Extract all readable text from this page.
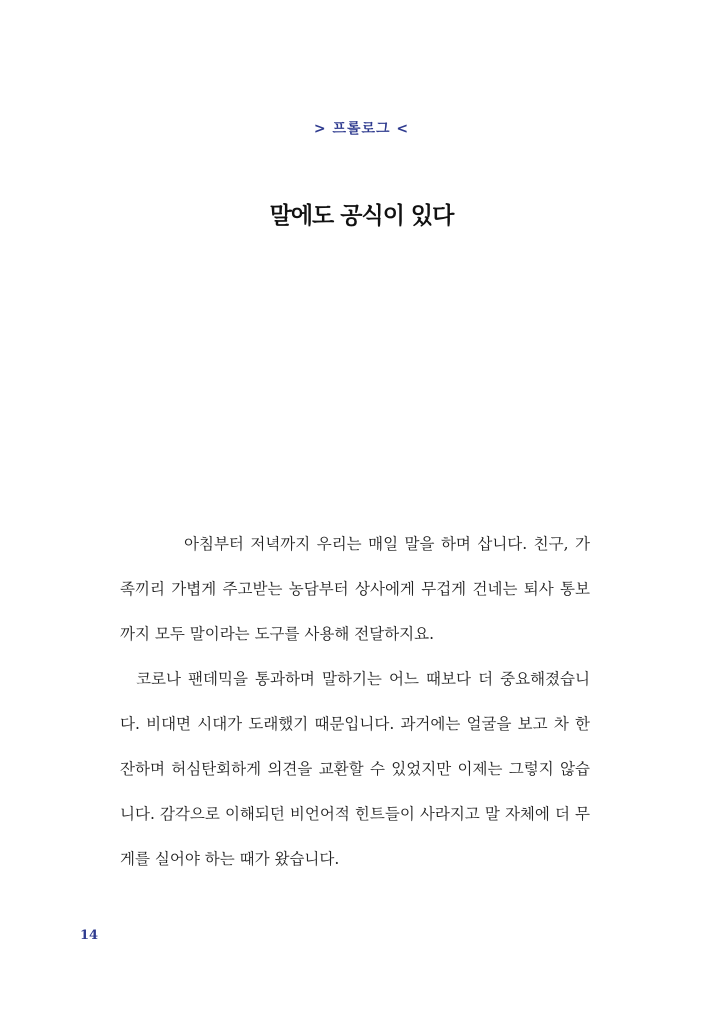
> 프롤로그 <
말에도 공식이 있다

아침부터 저녁까지 우리는 매일 말을 하며 삽니다. 친구, 가족끼리 가볍게 주고받는 농담부터 상사에게 무겁게 건네는 퇴사 통보까지 모두 말이라는 도구를 사용해 전달하지요.

코로나 팬데믹을 통과하며 말하기는 어느 때보다 더 중요해졌습니다. 비대면 시대가 도래했기 때문입니다. 과거에는 얼굴을 보고 차 한잔하며 허심탄회하게 의견을 교환할 수 있었지만 이제는 그렇지 않습니다. 감각으로 이해되던 비언어적 힌트들이 사라지고 말 자체에 더 무게를 실어야 하는 때가 왔습니다.

14
